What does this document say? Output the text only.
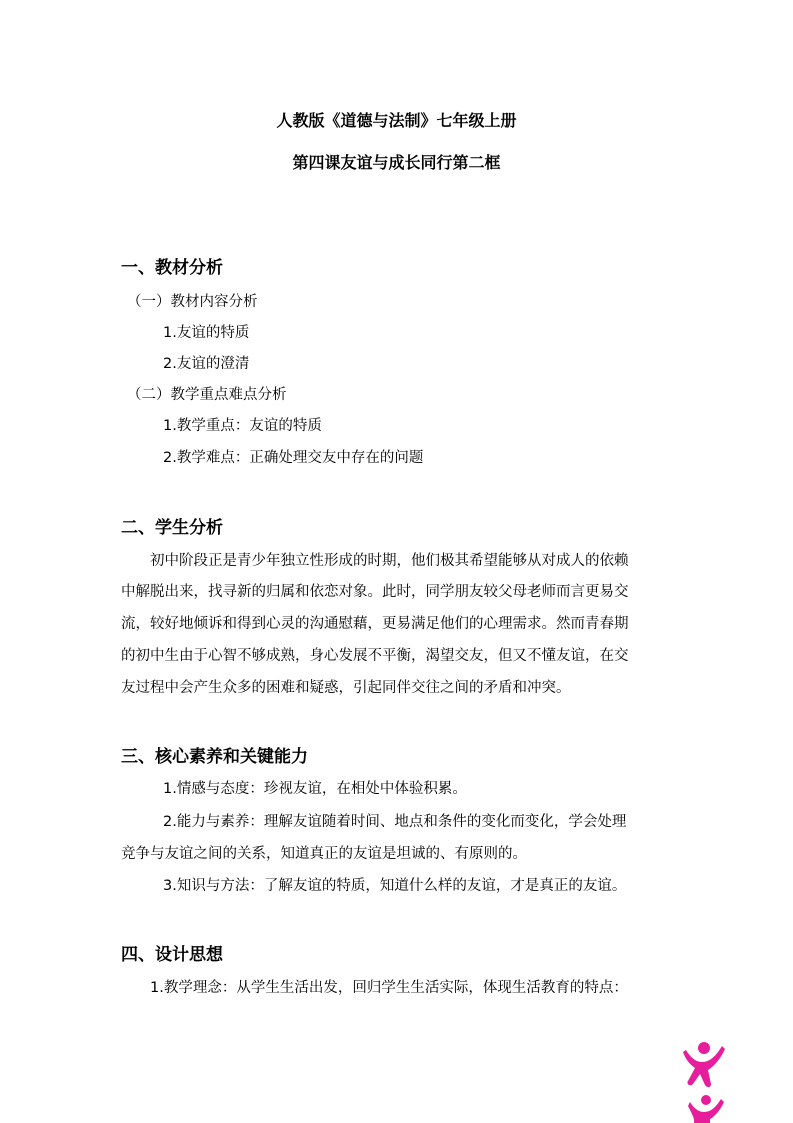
人教版《道德与法制》七年级上册
第四课友谊与成长同行第二框
一、教材分析
（一）教材内容分析
1.友谊的特质
2.友谊的澄清
（二）教学重点难点分析
1.教学重点：友谊的特质
2.教学难点：正确处理交友中存在的问题
二、学生分析
初中阶段正是青少年独立性形成的时期，他们极其希望能够从对成人的依赖
中解脱出来，找寻新的归属和依恋对象。此时，同学朋友较父母老师而言更易交
流，较好地倾诉和得到心灵的沟通慰藉，更易满足他们的心理需求。然而青春期
的初中生由于心智不够成熟，身心发展不平衡，渴望交友，但又不懂友谊，在交
友过程中会产生众多的困难和疑惑，引起同伴交往之间的矛盾和冲突。
三、核心素养和关键能力
1.情感与态度：珍视友谊，在相处中体验积累。
2.能力与素养：理解友谊随着时间、地点和条件的变化而变化，学会处理
竞争与友谊之间的关系，知道真正的友谊是坦诚的、有原则的。
3.知识与方法：了解友谊的特质，知道什么样的友谊，才是真正的友谊。
四、设计思想
1.教学理念：从学生生活出发，回归学生生活实际，体现生活教育的特点：
